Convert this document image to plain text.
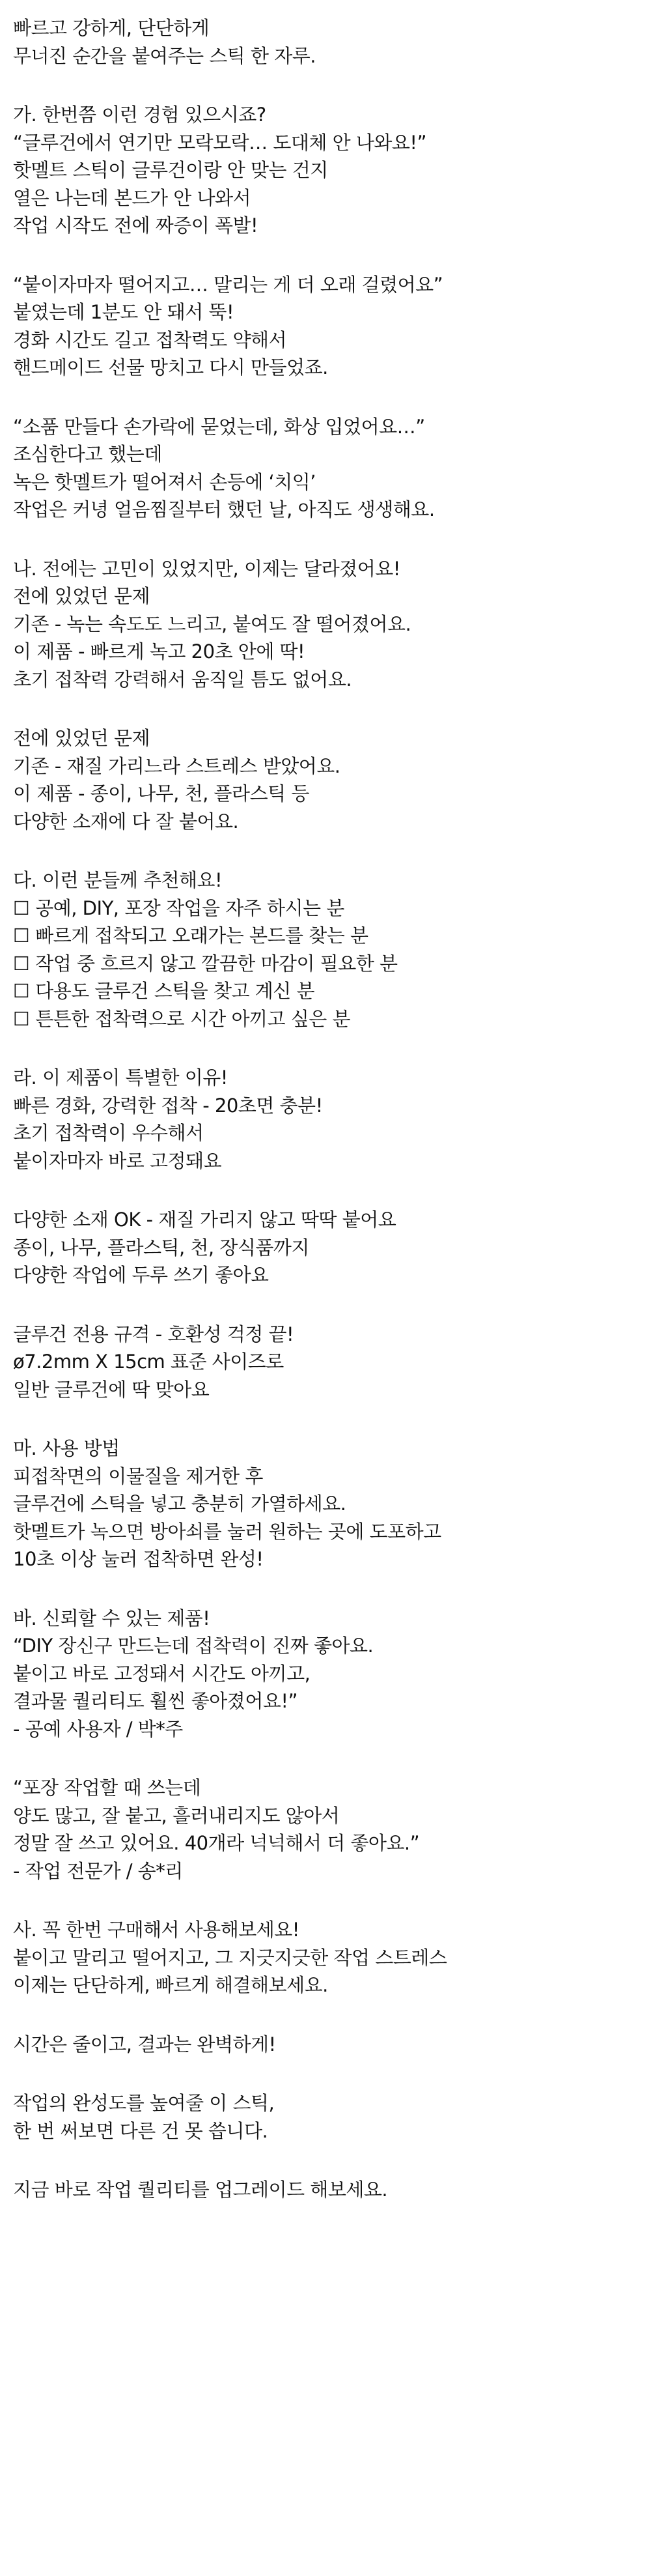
빠르고 강하게, 단단하게
무너진 순간을 붙여주는 스틱 한 자루.
가. 한번쯤 이런 경험 있으시죠?
“글루건에서 연기만 모락모락… 도대체 안 나와요!”
핫멜트 스틱이 글루건이랑 안 맞는 건지
열은 나는데 본드가 안 나와서
작업 시작도 전에 짜증이 폭발!
“붙이자마자 떨어지고… 말리는 게 더 오래 걸렸어요”
붙였는데 1분도 안 돼서 뚝!
경화 시간도 길고 접착력도 약해서
핸드메이드 선물 망치고 다시 만들었죠.
“소품 만들다 손가락에 묻었는데, 화상 입었어요…”
조심한다고 했는데
녹은 핫멜트가 떨어져서 손등에 ‘치익’
작업은 커녕 얼음찜질부터 했던 날, 아직도 생생해요.
나. 전에는 고민이 있었지만, 이제는 달라졌어요!
전에 있었던 문제
기존 - 녹는 속도도 느리고, 붙여도 잘 떨어졌어요.
이 제품 - 빠르게 녹고 20초 안에 딱!
초기 접착력 강력해서 움직일 틈도 없어요.
전에 있었던 문제
기존 - 재질 가리느라 스트레스 받았어요.
이 제품 - 종이, 나무, 천, 플라스틱 등
다양한 소재에 다 잘 붙어요.
다. 이런 분들께 추천해요!
☐ 공예, DIY, 포장 작업을 자주 하시는 분
☐ 빠르게 접착되고 오래가는 본드를 찾는 분
☐ 작업 중 흐르지 않고 깔끔한 마감이 필요한 분
☐ 다용도 글루건 스틱을 찾고 계신 분
☐ 튼튼한 접착력으로 시간 아끼고 싶은 분
라. 이 제품이 특별한 이유!
빠른 경화, 강력한 접착 - 20초면 충분!
초기 접착력이 우수해서
붙이자마자 바로 고정돼요
다양한 소재 OK - 재질 가리지 않고 딱딱 붙어요
종이, 나무, 플라스틱, 천, 장식품까지
다양한 작업에 두루 쓰기 좋아요
글루건 전용 규격 - 호환성 걱정 끝!
ø7.2mm X 15cm 표준 사이즈로
일반 글루건에 딱 맞아요
마. 사용 방법
피접착면의 이물질을 제거한 후
글루건에 스틱을 넣고 충분히 가열하세요.
핫멜트가 녹으면 방아쇠를 눌러 원하는 곳에 도포하고
10초 이상 눌러 접착하면 완성!
바. 신뢰할 수 있는 제품!
“DIY 장신구 만드는데 접착력이 진짜 좋아요.
붙이고 바로 고정돼서 시간도 아끼고,
결과물 퀄리티도 훨씬 좋아졌어요!”
- 공예 사용자 / 박*주
“포장 작업할 때 쓰는데
양도 많고, 잘 붙고, 흘러내리지도 않아서
정말 잘 쓰고 있어요. 40개라 넉넉해서 더 좋아요.”
- 작업 전문가 / 송*리
사. 꼭 한번 구매해서 사용해보세요!
붙이고 말리고 떨어지고, 그 지긋지긋한 작업 스트레스
이제는 단단하게, 빠르게 해결해보세요.
시간은 줄이고, 결과는 완벽하게!
작업의 완성도를 높여줄 이 스틱,
한 번 써보면 다른 건 못 씁니다.
지금 바로 작업 퀄리티를 업그레이드 해보세요.
